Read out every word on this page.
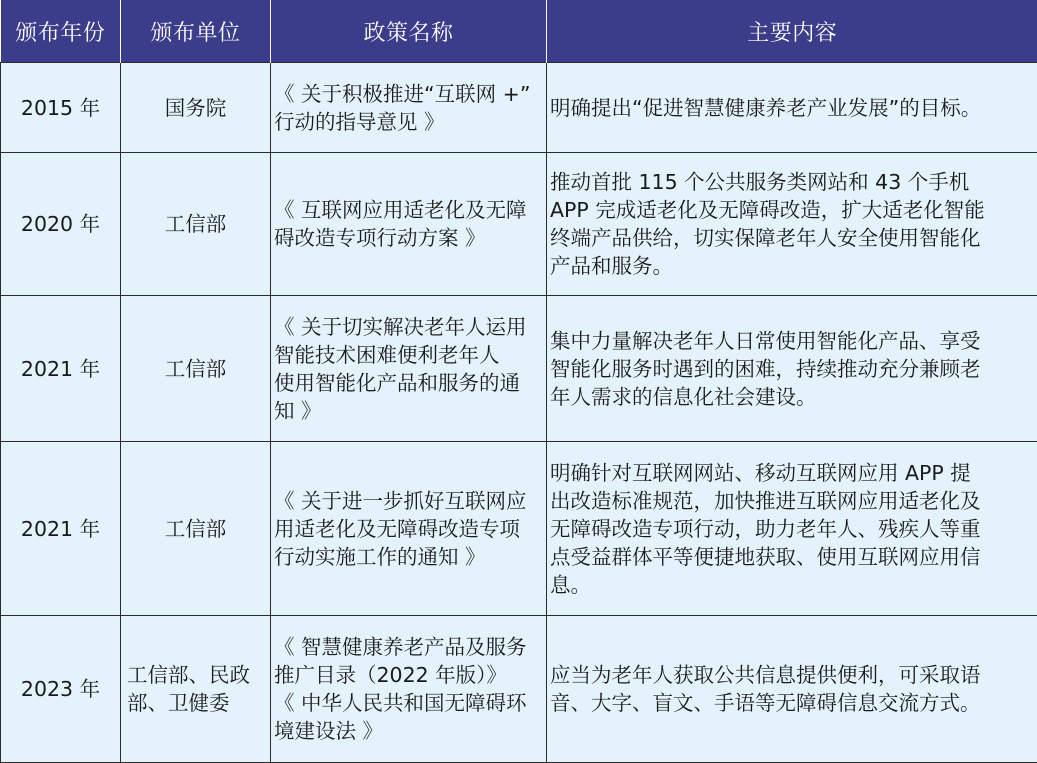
颁布年份	颁布单位	政策名称	主要内容
2015 年	国务院	《 关于积极推进“互联网 +”
行动的指导意见 》	明确提出“促进智慧健康养老产业发展”的目标。

2020 年	工信部	《 互联网应用适老化及无障
碍改造专项行动方案 》	推动首批 115 个公共服务类网站和 43 个手机
APP 完成适老化及无障碍改造，扩大适老化智能
终端产品供给，切实保障老年人安全使用智能化
产品和服务。

2021 年	工信部	《 关于切实解决老年人运用
智能技术困难便利老年人
使用智能化产品和服务的通
知 》	集中力量解决老年人日常使用智能化产品、享受
智能化服务时遇到的困难，持续推动充分兼顾老
年人需求的信息化社会建设。

2021 年	工信部	《 关于进一步抓好互联网应
用适老化及无障碍改造专项
行动实施工作的通知 》	明确针对互联网网站、移动互联网应用 APP 提
出改造标准规范，加快推进互联网应用适老化及
无障碍改造专项行动，助力老年人、残疾人等重
点受益群体平等便捷地获取、使用互联网应用信
息。

2023 年	工信部、民政
部、卫健委	《 智慧健康养老产品及服务
推广目录（2022 年版）》
《 中华人民共和国无障碍环
境建设法 》	应当为老年人获取公共信息提供便利，可采取语
音、大字、盲文、手语等无障碍信息交流方式。
